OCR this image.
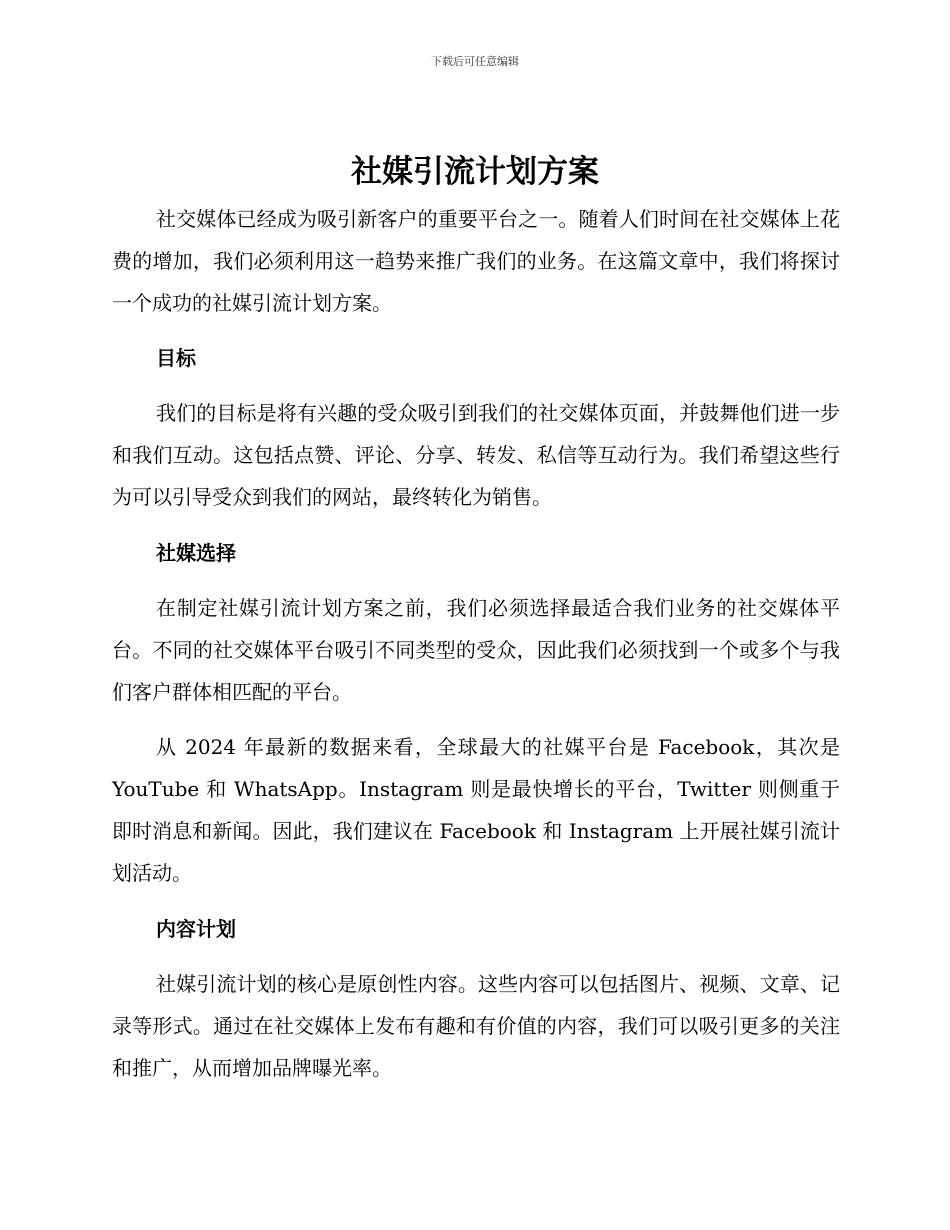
下载后可任意编辑
社媒引流计划方案

社交媒体已经成为吸引新客户的重要平台之一。随着人们时间在社交媒体上花费的增加，我们必须利用这一趋势来推广我们的业务。在这篇文章中，我们将探讨一个成功的社媒引流计划方案。

目标

我们的目标是将有兴趣的受众吸引到我们的社交媒体页面，并鼓舞他们进一步和我们互动。这包括点赞、评论、分享、转发、私信等互动行为。我们希望这些行为可以引导受众到我们的网站，最终转化为销售。

社媒选择

在制定社媒引流计划方案之前，我们必须选择最适合我们业务的社交媒体平台。不同的社交媒体平台吸引不同类型的受众，因此我们必须找到一个或多个与我们客户群体相匹配的平台。

从 2024 年最新的数据来看，全球最大的社媒平台是 Facebook，其次是 YouTube 和 WhatsApp。Instagram 则是最快增长的平台，Twitter 则侧重于即时消息和新闻。因此，我们建议在 Facebook 和 Instagram 上开展社媒引流计划活动。

内容计划

社媒引流计划的核心是原创性内容。这些内容可以包括图片、视频、文章、记录等形式。通过在社交媒体上发布有趣和有价值的内容，我们可以吸引更多的关注和推广，从而增加品牌曝光率。
